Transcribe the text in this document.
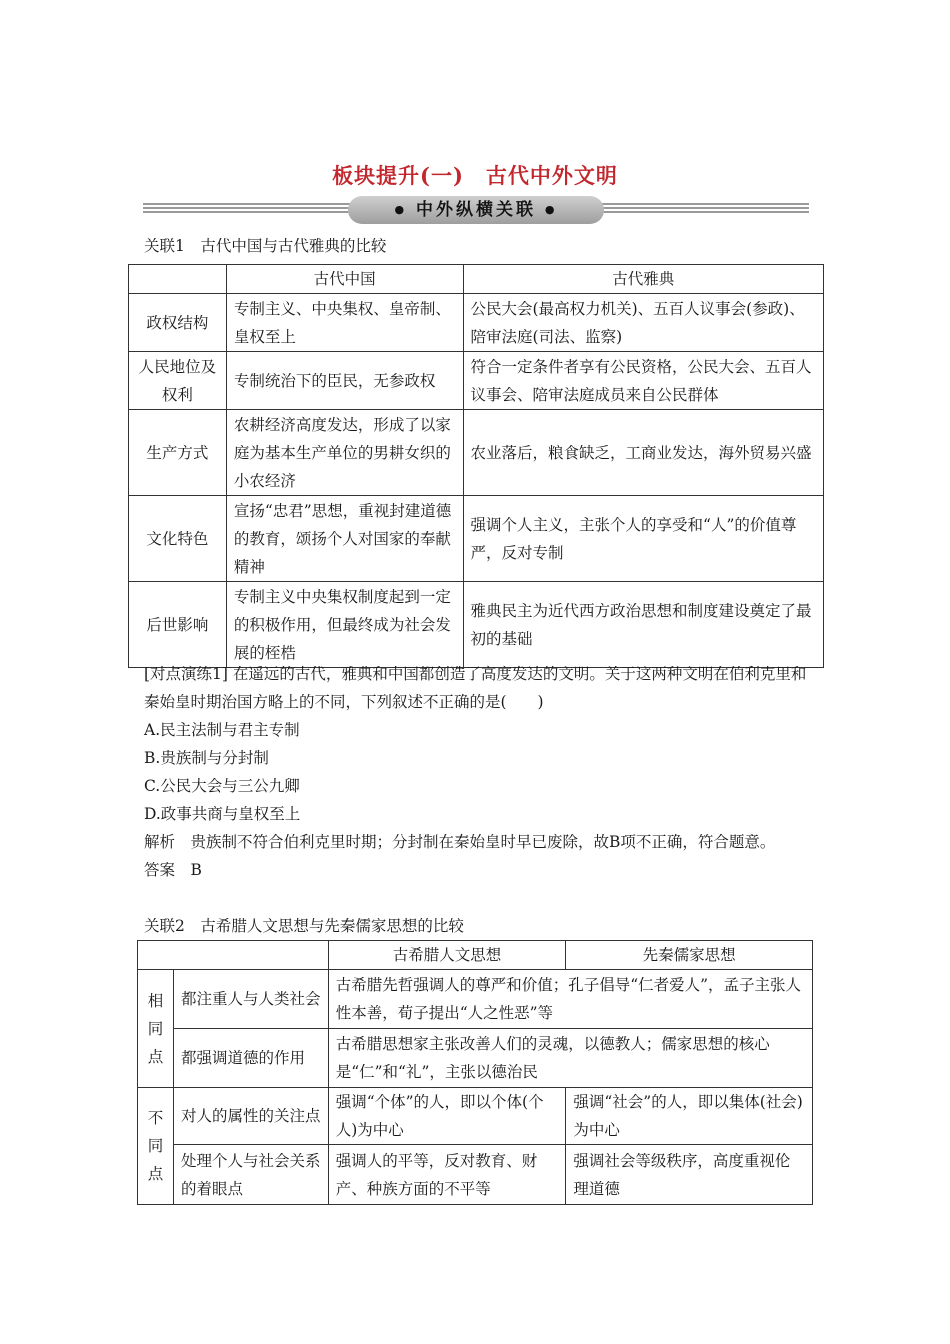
板块提升(一)　古代中外文明
● 中外纵横关联 ●
关联1　古代中国与古代雅典的比较
	古代中国	古代雅典
政权结构	专制主义、中央集权、皇帝制、皇权至上	公民大会(最高权力机关)、五百人议事会(参政)、陪审法庭(司法、监察)
人民地位及权利	专制统治下的臣民，无参政权	符合一定条件者享有公民资格，公民大会、五百人议事会、陪审法庭成员来自公民群体
生产方式	农耕经济高度发达，形成了以家庭为基本生产单位的男耕女织的小农经济	农业落后，粮食缺乏，工商业发达，海外贸易兴盛
文化特色	宣扬“忠君”思想，重视封建道德的教育，颂扬个人对国家的奉献精神	强调个人主义，主张个人的享受和“人”的价值尊严，反对专制
后世影响	专制主义中央集权制度起到一定的积极作用，但最终成为社会发展的桎梏	雅典民主为近代西方政治思想和制度建设奠定了最初的基础

[对点演练1] 在遥远的古代，雅典和中国都创造了高度发达的文明。关于这两种文明在伯利克里和秦始皇时期治国方略上的不同，下列叙述不正确的是(　　)

A.民主法制与君主专制

B.贵族制与分封制

C.公民大会与三公九卿

D.政事共商与皇权至上

解析　贵族制不符合伯利克里时期；分封制在秦始皇时早已废除，故B项不正确，符合题意。

答案　B

关联2　古希腊人文思想与先秦儒家思想的比较
		古希腊人文思想	先秦儒家思想
相同点	都注重人与人类社会	古希腊先哲强调人的尊严和价值；孔子倡导“仁者爱人”，孟子主张人性本善，荀子提出“人之性恶”等	
	都强调道德的作用	古希腊思想家主张改善人们的灵魂，以德教人；儒家思想的核心是“仁”和“礼”，主张以德治民	
不同点	对人的属性的关注点	强调“个体”的人，即以个体(个人)为中心	强调“社会”的人，即以集体(社会)为中心
	处理个人与社会关系的着眼点	强调人的平等，反对教育、财产、种族方面的不平等	强调社会等级秩序，高度重视伦理道德
